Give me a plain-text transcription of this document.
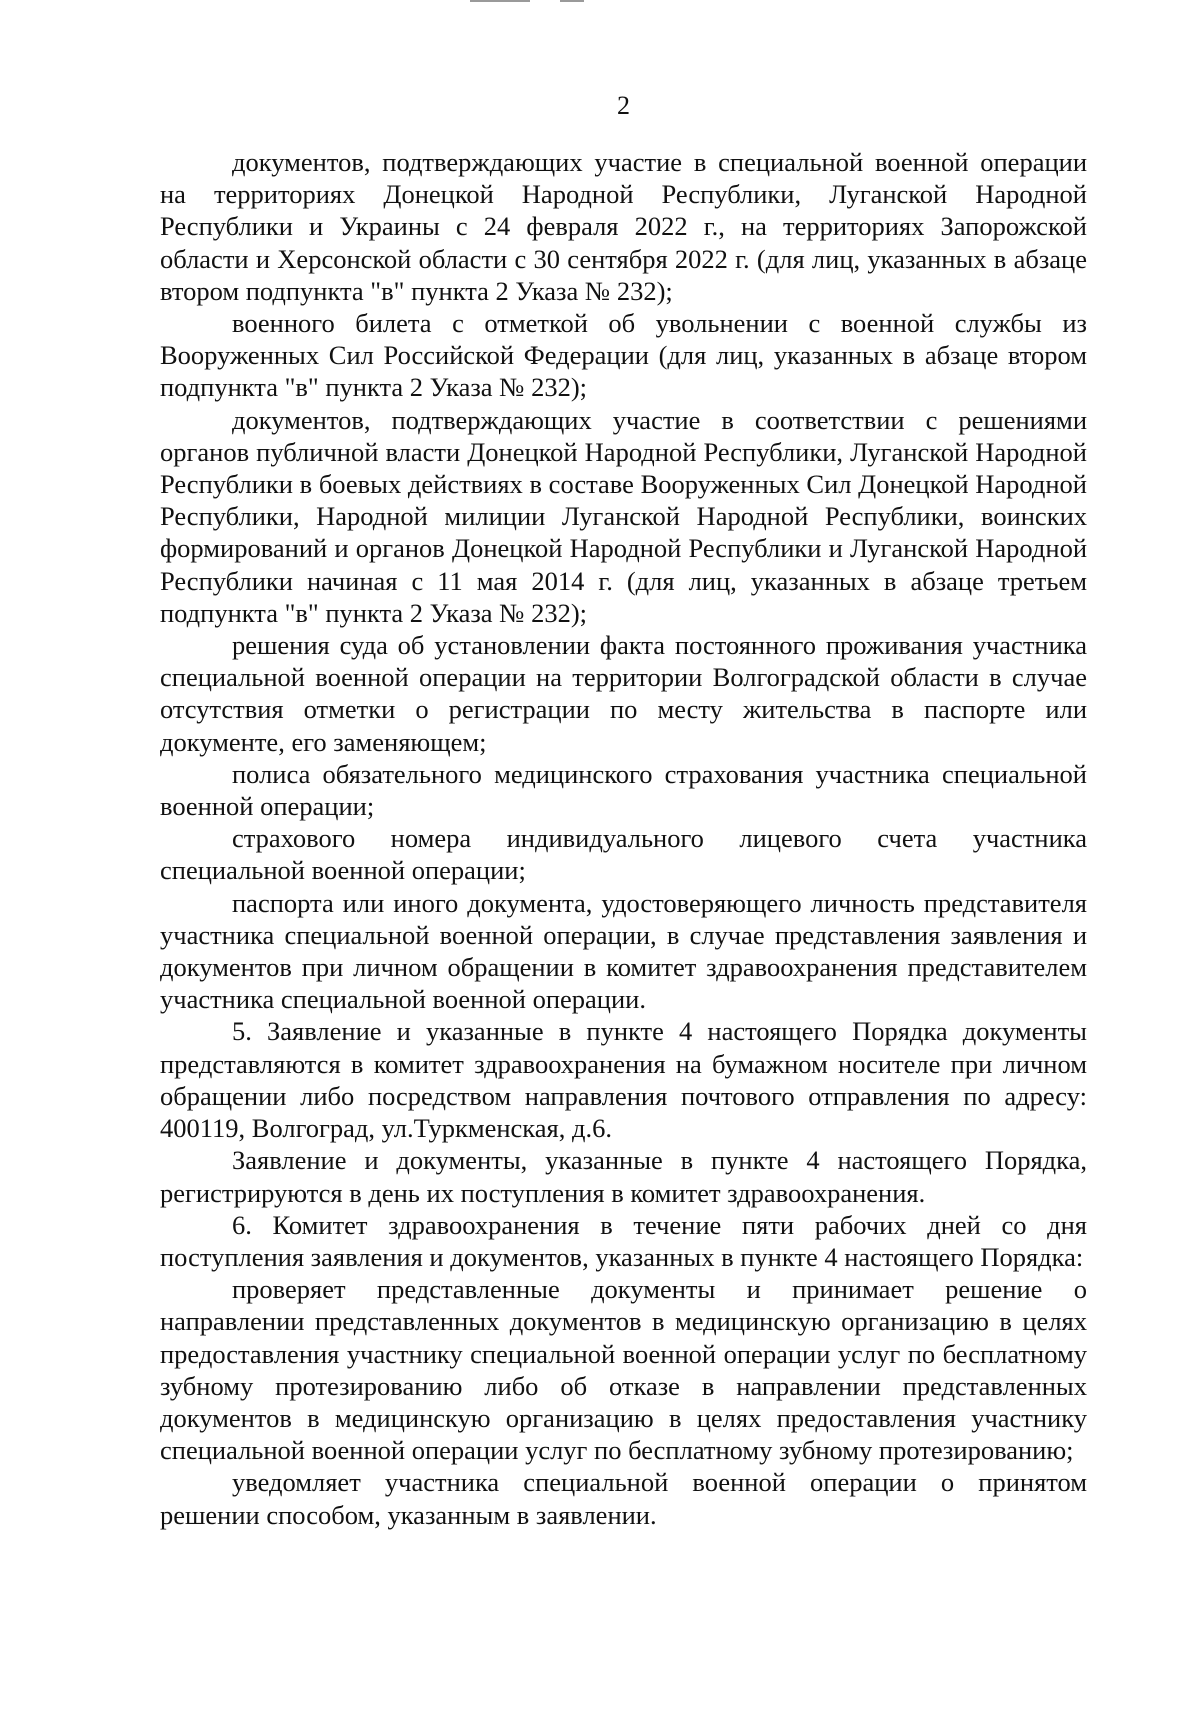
2

документов, подтверждающих участие в специальной военной операции на территориях Донецкой Народной Республики, Луганской Народной Республики и Украины с 24 февраля 2022 г., на территориях Запорожской области и Херсонской области с 30 сентября 2022 г. (для лиц, указанных в абзаце втором подпункта "в" пункта 2 Указа № 232);

военного билета с отметкой об увольнении с военной службы из Вооруженных Сил Российской Федерации (для лиц, указанных в абзаце втором подпункта "в" пункта 2 Указа № 232);

документов, подтверждающих участие в соответствии с решениями органов публичной власти Донецкой Народной Республики, Луганской Народной Республики в боевых действиях в составе Вооруженных Сил Донецкой Народной Республики, Народной милиции Луганской Народной Республики, воинских формирований и органов Донецкой Народной Республики и Луганской Народной Республики начиная с 11 мая 2014 г. (для лиц, указанных в абзаце третьем подпункта "в" пункта 2 Указа № 232);

решения суда об установлении факта постоянного проживания участника специальной военной операции на территории Волгоградской области в случае отсутствия отметки о регистрации по месту жительства в паспорте или документе, его заменяющем;

полиса обязательного медицинского страхования участника специальной военной операции;

страхового номера индивидуального лицевого счета участника специальной военной операции;

паспорта или иного документа, удостоверяющего личность представителя участника специальной военной операции, в случае представления заявления и документов при личном обращении в комитет здравоохранения представителем участника специальной военной операции.

5. Заявление и указанные в пункте 4 настоящего Порядка документы представляются в комитет здравоохранения на бумажном носителе при личном обращении либо посредством направления почтового отправления по адресу: 400119, Волгоград, ул.Туркменская, д.6.

Заявление и документы, указанные в пункте 4 настоящего Порядка, регистрируются в день их поступления в комитет здравоохранения.

6. Комитет здравоохранения в течение пяти рабочих дней со дня поступления заявления и документов, указанных в пункте 4 настоящего Порядка:

проверяет представленные документы и принимает решение о направлении представленных документов в медицинскую организацию в целях предоставления участнику специальной военной операции услуг по бесплатному зубному протезированию либо об отказе в направлении представленных документов в медицинскую организацию в целях предоставления участнику специальной военной операции услуг по бесплатному зубному протезированию;

уведомляет участника специальной военной операции о принятом решении способом, указанным в заявлении.
